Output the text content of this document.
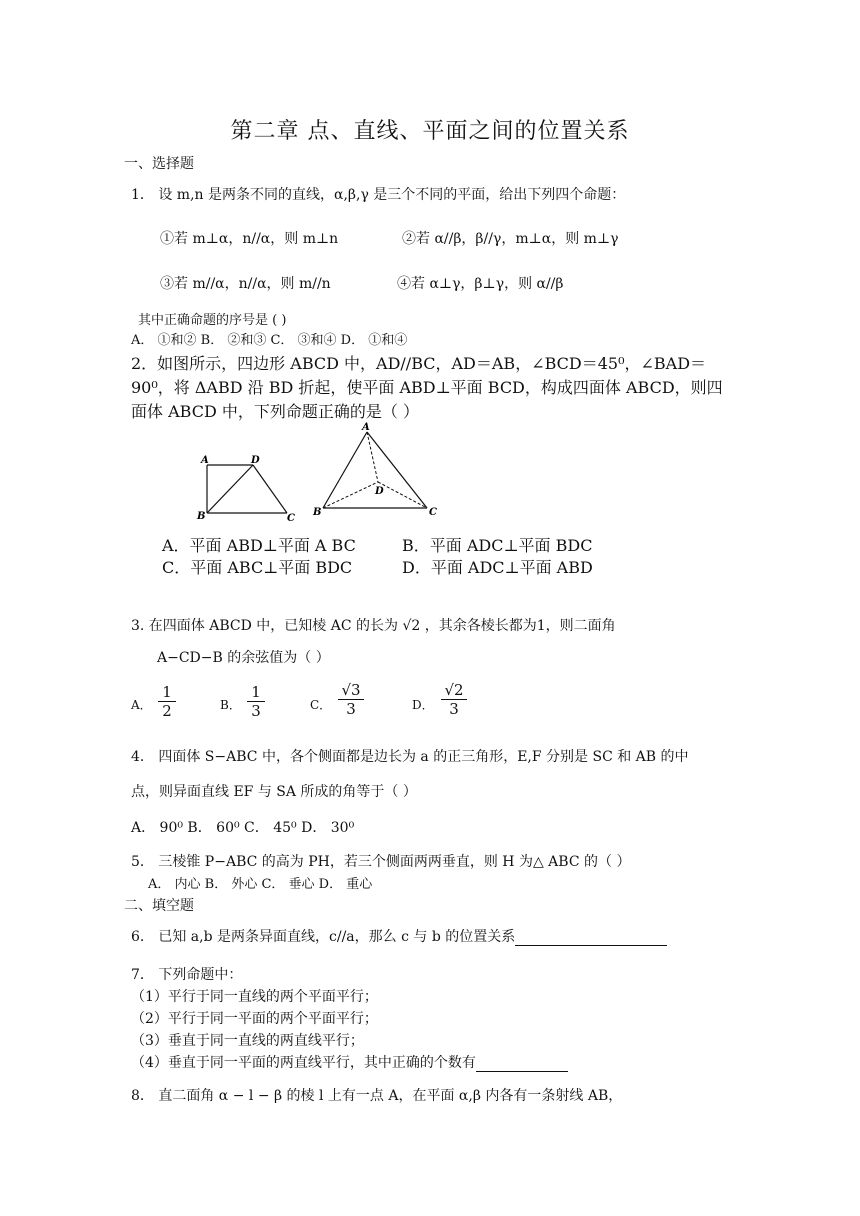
第二章 点、直线、平面之间的位置关系
一、选择题
1． 设 m,n 是两条不同的直线，α,β,γ 是三个不同的平面，给出下列四个命题：
①若 m⊥α，n//α，则 m⊥n	②若 α//β，β//γ，m⊥α，则 m⊥γ
③若 m//α，n//α，则 m//n	④若 α⊥γ，β⊥γ，则 α//β
其中正确命题的序号是 ( )
A． ①和② B． ②和③ C． ③和④ D． ①和④
2．如图所示，四边形 ABCD 中，AD//BC，AD＝AB，∠BCD＝45⁰，∠BAD＝
90⁰，将 ΔABD 沿 BD 折起，使平面 ABD⊥平面 BCD，构成四面体 ABCD，则四
面体 ABCD 中，下列命题正确的是（ ）
A	D
B	C
A
D
B	C
A．平面 ABD⊥平面 A BC	B．平面 ADC⊥平面 BDC
C．平面 ABC⊥平面 BDC	D．平面 ADC⊥平面 ABD
3. 在四面体 ABCD 中，已知棱 AC 的长为 √2 ，其余各棱长都为1，则二面角
A−CD−B 的余弦值为（ ）
A． $\frac{1}{2}$	B． $\frac{1}{3}$	C． $\frac{√3}{3}$	D． $\frac{√2}{3}$
4． 四面体 S−ABC 中，各个侧面都是边长为 a 的正三角形，E,F 分别是 SC 和 AB 的中
点，则异面直线 EF 与 SA 所成的角等于（ ）
A． 90⁰ B． 60⁰ C． 45⁰ D． 30⁰
5． 三棱锥 P−ABC 的高为 PH，若三个侧面两两垂直，则 H 为△ ABC 的（ ）
A． 内心 B． 外心 C． 垂心 D． 重心
二、填空题
6． 已知 a,b 是两条异面直线，c//a，那么 c 与 b 的位置关系
7． 下列命题中：
（1）平行于同一直线的两个平面平行；
（2）平行于同一平面的两个平面平行；
（3）垂直于同一直线的两直线平行；
（4）垂直于同一平面的两直线平行，其中正确的个数有
8． 直二面角 α − l − β 的棱 l 上有一点 A，在平面 α,β 内各有一条射线 AB，
